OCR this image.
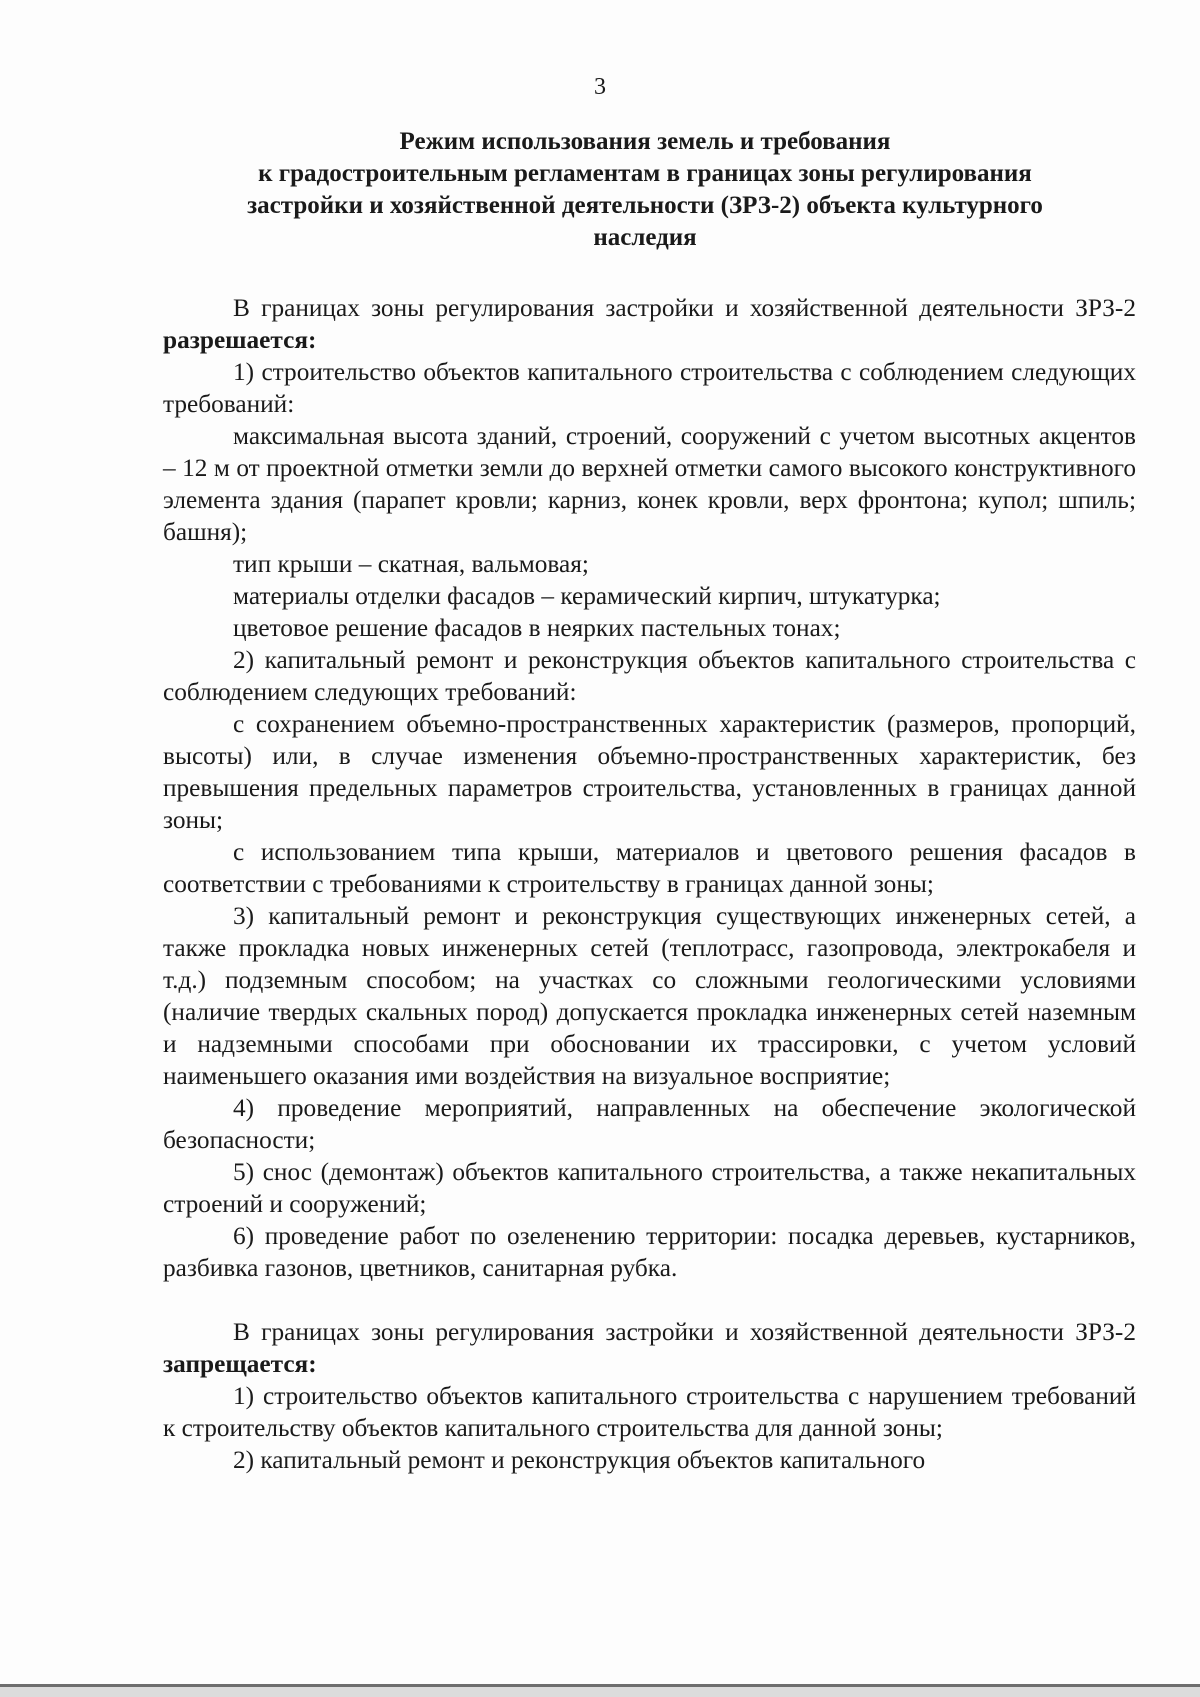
3
Режим использования земель и требования
к градостроительным регламентам в границах зоны регулирования
застройки и хозяйственной деятельности (ЗРЗ-2) объекта культурного
наследия

В границах зоны регулирования застройки и хозяйственной деятельности ЗРЗ-2 разрешается:

1) строительство объектов капитального строительства с соблюдением следующих требований:

максимальная высота зданий, строений, сооружений с учетом высотных акцентов – 12 м от проектной отметки земли до верхней отметки самого высокого конструктивного элемента здания (парапет кровли; карниз, конек кровли, верх фронтона; купол; шпиль; башня);

тип крыши – скатная, вальмовая;

материалы отделки фасадов – керамический кирпич, штукатурка;

цветовое решение фасадов в неярких пастельных тонах;

2) капитальный ремонт и реконструкция объектов капитального строительства с соблюдением следующих требований:

с сохранением объемно-пространственных характеристик (размеров, пропорций, высоты) или, в случае изменения объемно-пространственных характеристик, без превышения предельных параметров строительства, установленных в границах данной зоны;

с использованием типа крыши, материалов и цветового решения фасадов в соответствии с требованиями к строительству в границах данной зоны;

3) капитальный ремонт и реконструкция существующих инженерных сетей, а также прокладка новых инженерных сетей (теплотрасс, газопровода, электрокабеля и т.д.) подземным способом; на участках со сложными геологическими условиями (наличие твердых скальных пород) допускается прокладка инженерных сетей наземным и надземными способами при обосновании их трассировки, с учетом условий наименьшего оказания ими воздействия на визуальное восприятие;

4) проведение мероприятий, направленных на обеспечение экологической безопасности;

5) снос (демонтаж) объектов капитального строительства, а также некапитальных строений и сооружений;

6) проведение работ по озеленению территории: посадка деревьев, кустарников, разбивка газонов, цветников, санитарная рубка.

В границах зоны регулирования застройки и хозяйственной деятельности ЗРЗ-2 запрещается:

1) строительство объектов капитального строительства с нарушением требований к строительству объектов капитального строительства для данной зоны;

2) капитальный ремонт и реконструкция объектов капитального
